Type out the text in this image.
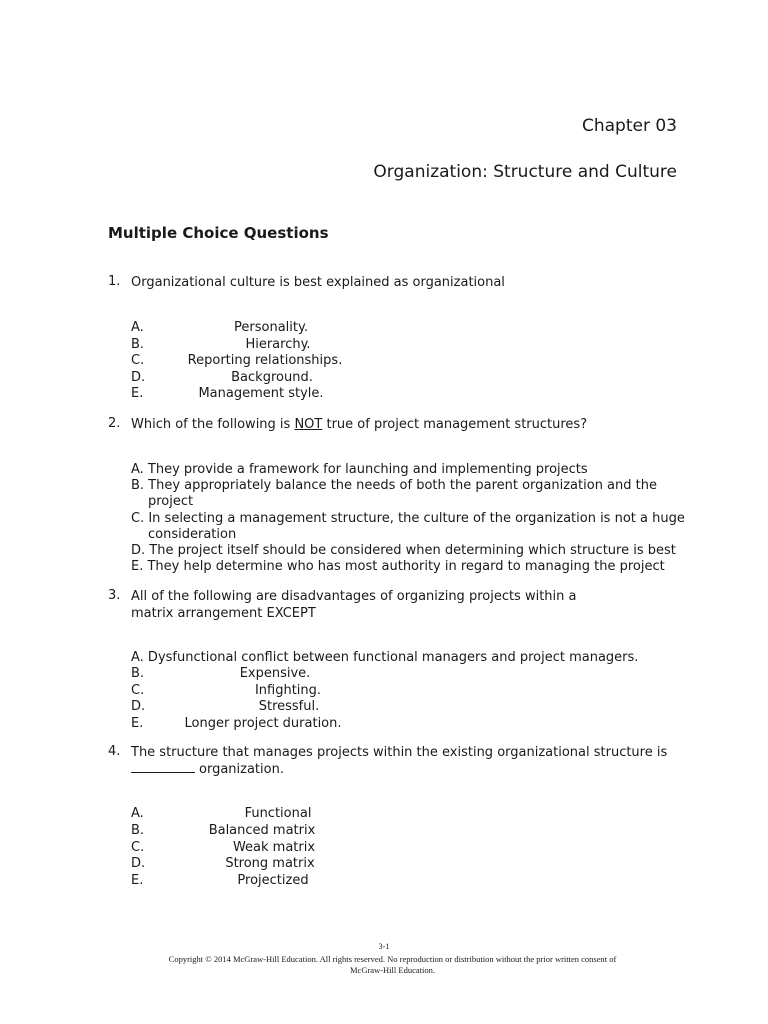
Chapter 03
Organization: Structure and Culture
Multiple Choice Questions
1. Organizational culture is best explained as organizational
A.	Personality.
B.	Hierarchy.
C.	Reporting relationships.
D.	Background.
E.	Management style.
2. Which of the following is NOT true of project management structures?
A. They provide a framework for launching and implementing projects
B. They appropriately balance the needs of both the parent organization and the
project
C. In selecting a management structure, the culture of the organization is not a huge
consideration
D. The project itself should be considered when determining which structure is best
E. They help determine who has most authority in regard to managing the project
3. All of the following are disadvantages of organizing projects within a matrix arrangement EXCEPT
A. Dysfunctional conflict between functional managers and project managers.
B.	Expensive.
C.	Infighting.
D.	Stressful.
E.	Longer project duration.
4. The structure that manages projects within the existing organizational structure is
organization.
A.	Functional
B.	Balanced matrix
C.	Weak matrix
D.	Strong matrix
E.	Projectized
3-1
Copyright © 2014 McGraw-Hill Education. All rights reserved. No reproduction or distribution without the prior written consent of
McGraw-Hill Education.
